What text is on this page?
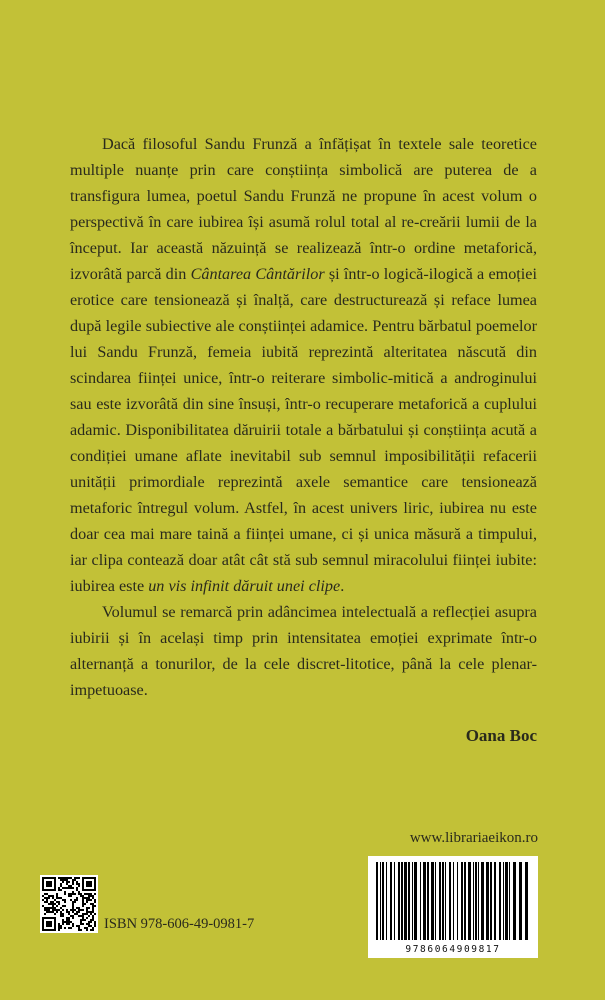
Dacă filosoful Sandu Frunză a înfățișat în textele sale teoretice multiple nuanțe prin care conștiința simbolică are puterea de a transfigura lumea, poetul Sandu Frunză ne propune în acest volum o perspectivă în care iubirea își asumă rolul total al re-creării lumii de la început. Iar această năzuință se realizează într-o ordine metaforică, izvorâtă parcă din Cântarea Cântărilor și într-o logică-ilogică a emoției erotice care tensionează și înalță, care destructurează și reface lumea după legile subiective ale conștiinței adamice. Pentru bărbatul poemelor lui Sandu Frunză, femeia iubită reprezintă alteritatea născută din scindarea ființei unice, într-o reiterare simbolic-mitică a androginului sau este izvorâtă din sine însuși, într-o recuperare metaforică a cuplului adamic. Disponibilitatea dăruirii totale a bărbatului și conștiința acută a condiției umane aflate inevitabil sub semnul imposibilității refacerii unității primordiale reprezintă axele semantice care tensionează metaforic întregul volum. Astfel, în acest univers liric, iubirea nu este doar cea mai mare taină a ființei umane, ci și unica măsură a timpului, iar clipa contează doar atât cât stă sub semnul miracolului ființei iubite: iubirea este un vis infinit dăruit unei clipe.

Volumul se remarcă prin adâncimea intelectuală a reflecției asupra iubirii și în același timp prin intensitatea emoției exprimate într-o alternanță a tonurilor, de la cele discret-litotice, până la cele plenar-impetuoase.

Oana Boc
www.librariaeikon.ro
9786064909817
ISBN 978-606-49-0981-7
